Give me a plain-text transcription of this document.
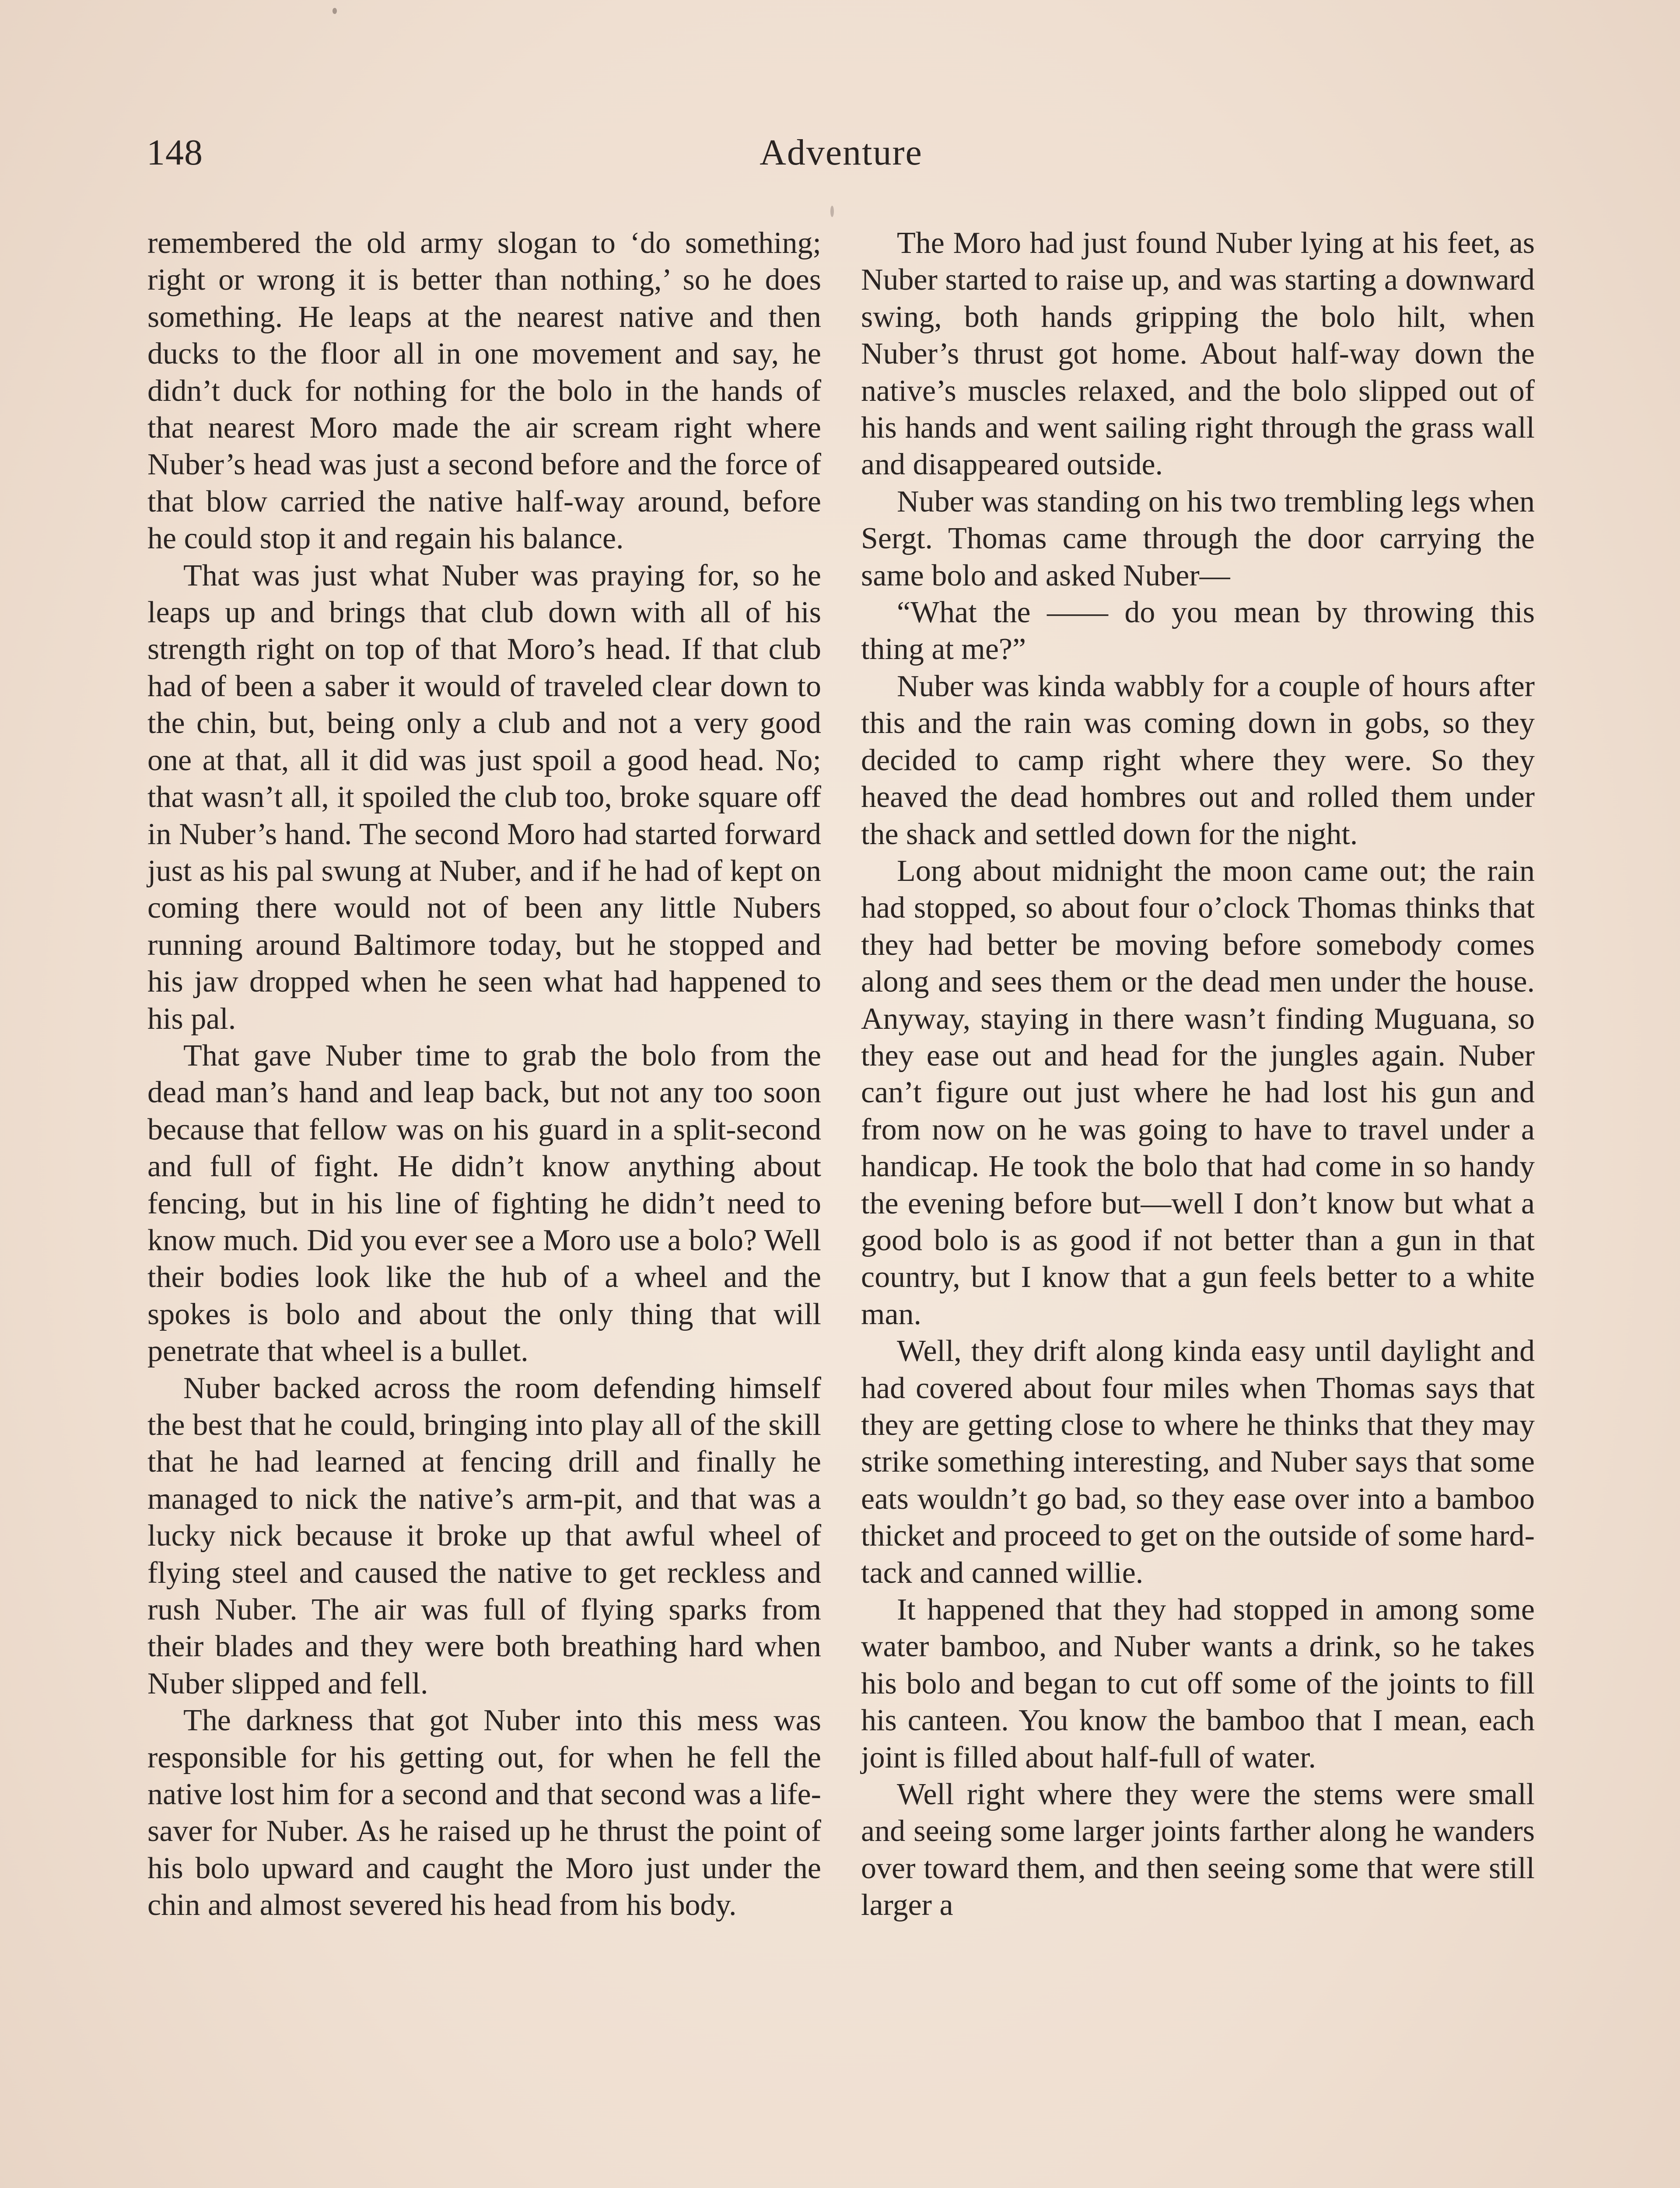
148	Adventure

remembered the old army slogan to ‘do something; right or wrong it is better than nothing,’ so he does something. He leaps at the nearest native and then ducks to the floor all in one movement and say, he didn’t duck for nothing for the bolo in the hands of that nearest Moro made the air scream right where Nuber’s head was just a second before and the force of that blow carried the native half-way around, before he could stop it and regain his balance.

That was just what Nuber was praying for, so he leaps up and brings that club down with all of his strength right on top of that Moro’s head. If that club had of been a saber it would of traveled clear down to the chin, but, being only a club and not a very good one at that, all it did was just spoil a good head. No; that wasn’t all, it spoiled the club too, broke square off in Nuber’s hand. The second Moro had started forward just as his pal swung at Nuber, and if he had of kept on coming there would not of been any little Nubers running around Baltimore today, but he stopped and his jaw dropped when he seen what had happened to his pal.

That gave Nuber time to grab the bolo from the dead man’s hand and leap back, but not any too soon because that fellow was on his guard in a split-second and full of fight. He didn’t know anything about fencing, but in his line of fighting he didn’t need to know much. Did you ever see a Moro use a bolo? Well their bodies look like the hub of a wheel and the spokes is bolo and about the only thing that will penetrate that wheel is a bullet.

Nuber backed across the room defending himself the best that he could, bringing into play all of the skill that he had learned at fencing drill and finally he managed to nick the native’s arm-pit, and that was a lucky nick because it broke up that awful wheel of flying steel and caused the native to get reckless and rush Nuber. The air was full of flying sparks from their blades and they were both breathing hard when Nuber slipped and fell.

The darkness that got Nuber into this mess was responsible for his getting out, for when he fell the native lost him for a second and that second was a life-saver for Nuber. As he raised up he thrust the point of his bolo upward and caught the Moro just under the chin and almost severed his head from his body.

The Moro had just found Nuber lying at his feet, as Nuber started to raise up, and was starting a downward swing, both hands gripping the bolo hilt, when Nuber’s thrust got home. About half-way down the native’s muscles relaxed, and the bolo slipped out of his hands and went sailing right through the grass wall and disappeared outside.

Nuber was standing on his two trembling legs when Sergt. Thomas came through the door carrying the same bolo and asked Nuber—

“What the —— do you mean by throwing this thing at me?”

Nuber was kinda wabbly for a couple of hours after this and the rain was coming down in gobs, so they decided to camp right where they were. So they heaved the dead hombres out and rolled them under the shack and settled down for the night.

Long about midnight the moon came out; the rain had stopped, so about four o’clock Thomas thinks that they had better be moving before somebody comes along and sees them or the dead men under the house. Anyway, staying in there wasn’t finding Muguana, so they ease out and head for the jungles again. Nuber can’t figure out just where he had lost his gun and from now on he was going to have to travel under a handicap. He took the bolo that had come in so handy the evening before but—well I don’t know but what a good bolo is as good if not better than a gun in that country, but I know that a gun feels better to a white man.

Well, they drift along kinda easy until daylight and had covered about four miles when Thomas says that they are getting close to where he thinks that they may strike something interesting, and Nuber says that some eats wouldn’t go bad, so they ease over into a bamboo thicket and proceed to get on the outside of some hard-tack and canned willie.

It happened that they had stopped in among some water bamboo, and Nuber wants a drink, so he takes his bolo and began to cut off some of the joints to fill his canteen. You know the bamboo that I mean, each joint is filled about half-full of water.

Well right where they were the stems were small and seeing some larger joints farther along he wanders over toward them, and then seeing some that were still larger a
